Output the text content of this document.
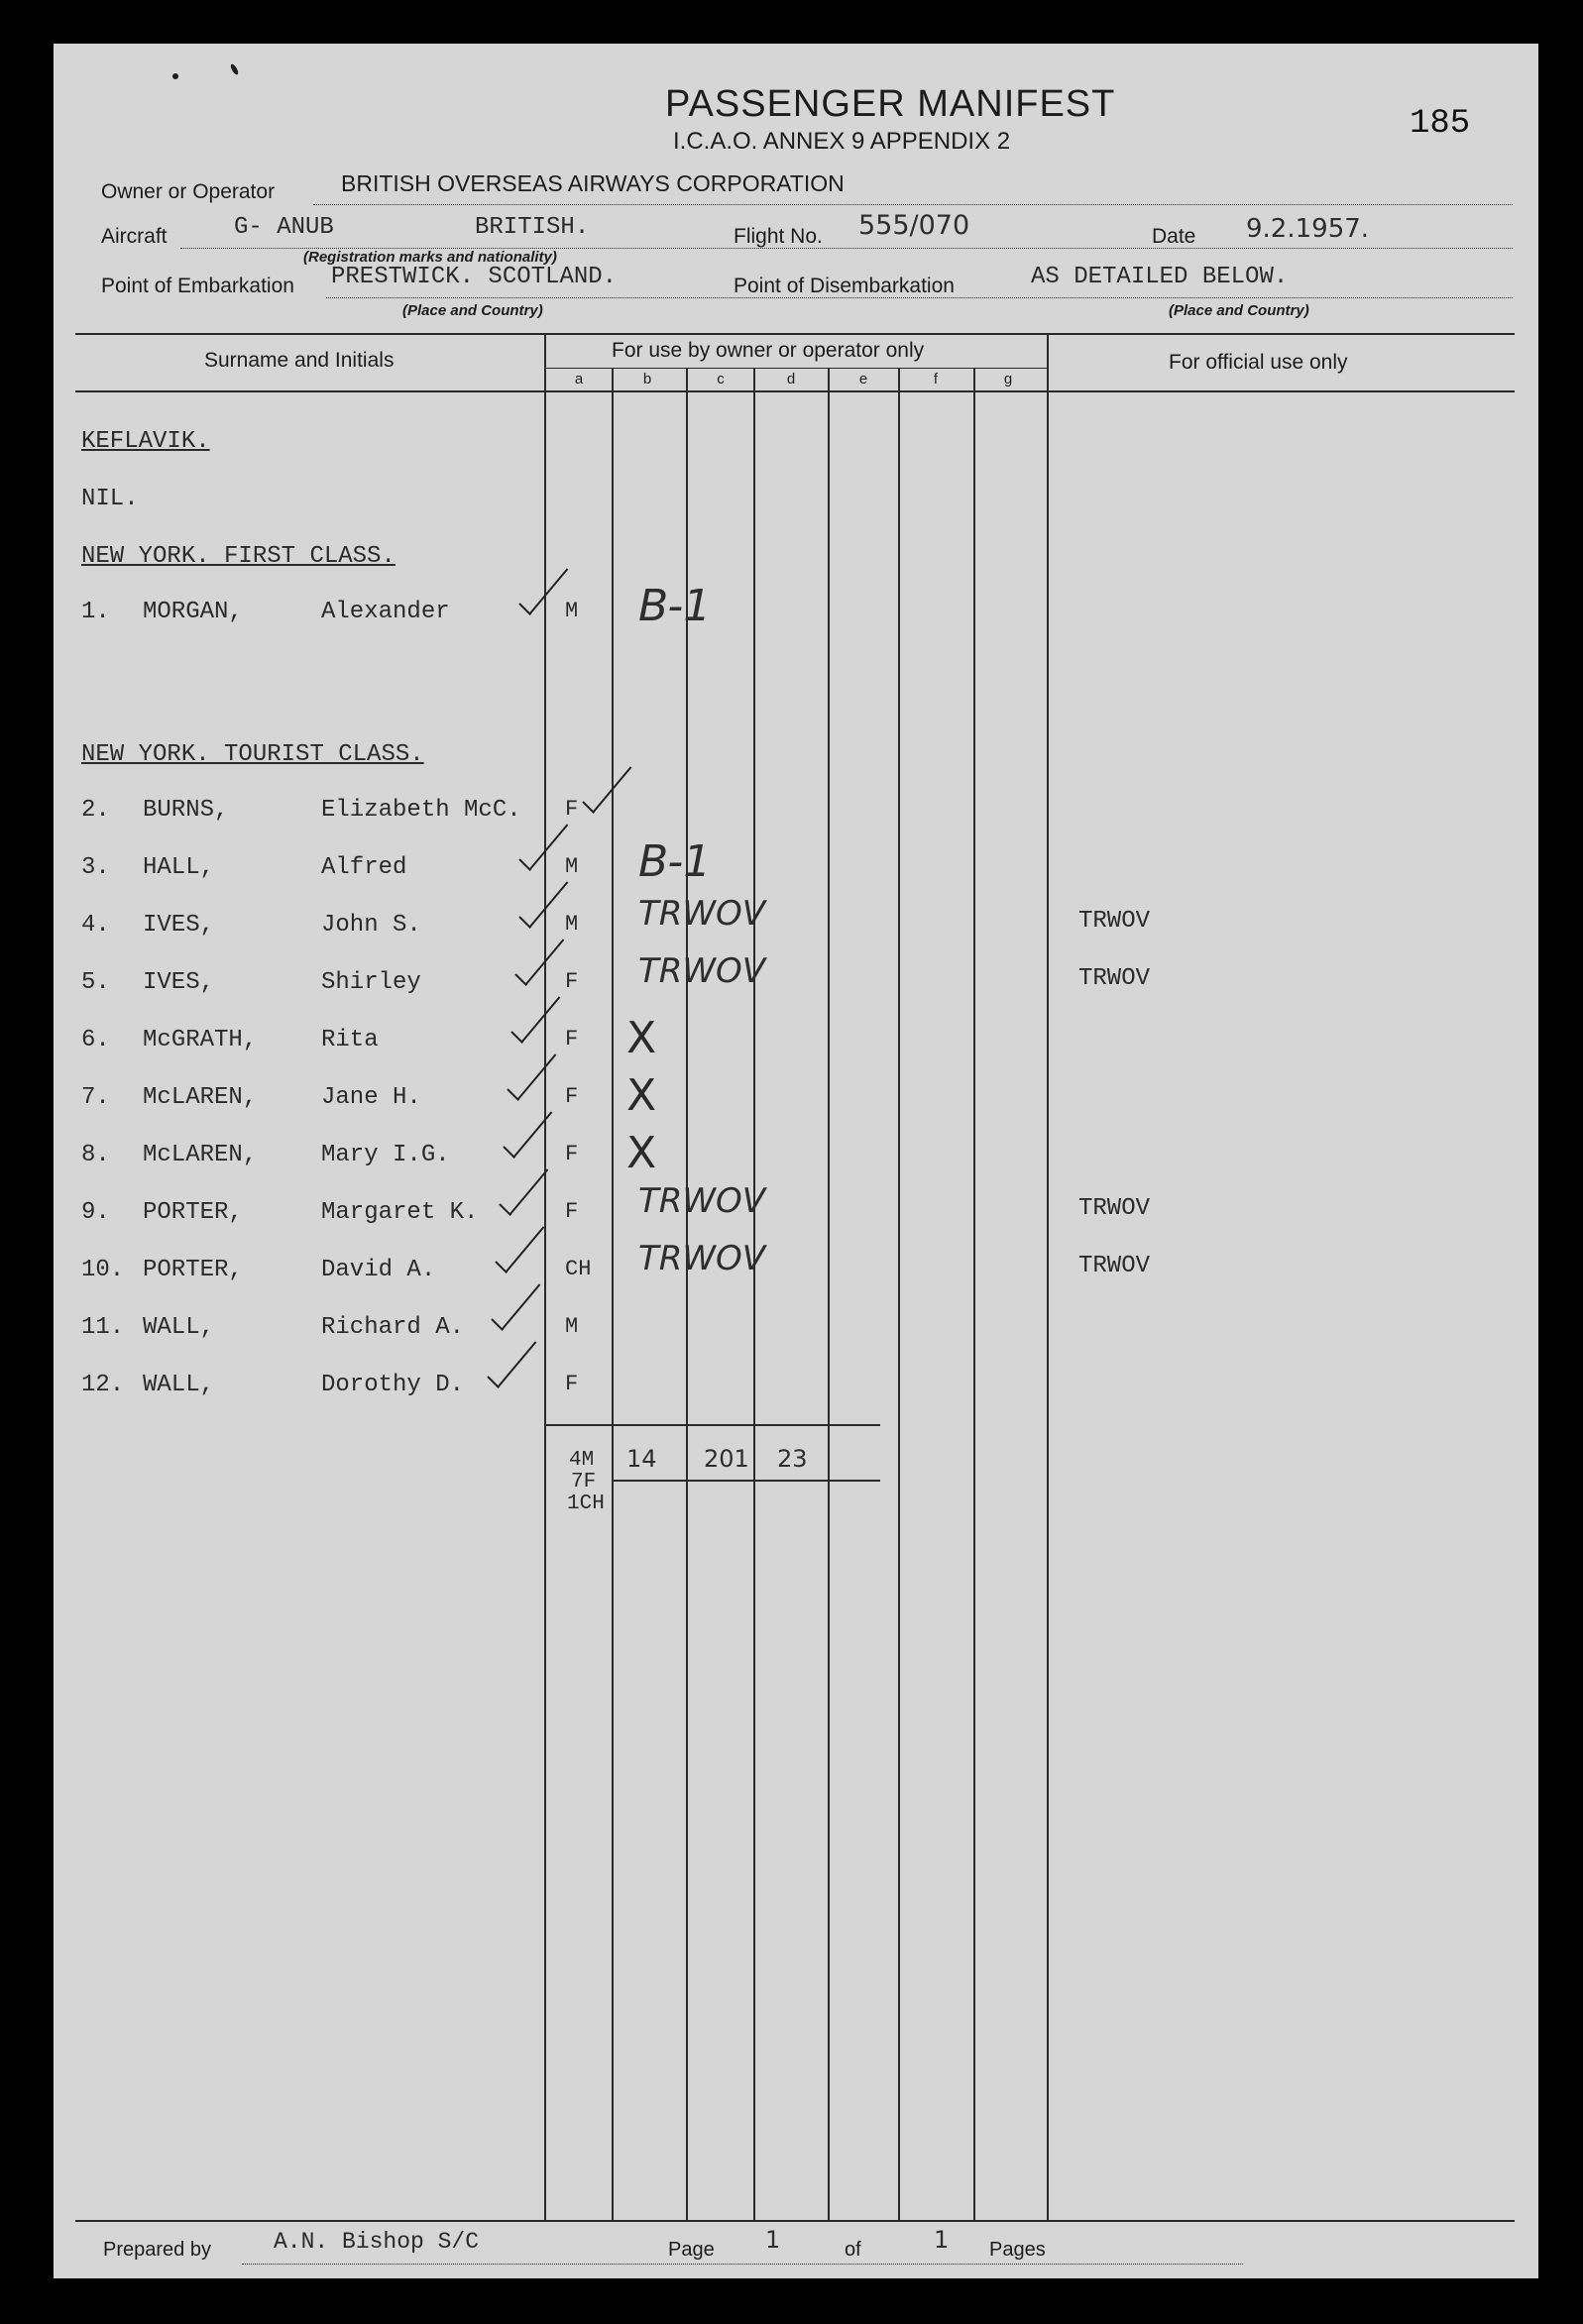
PASSENGER MANIFEST
I.C.A.O. ANNEX 9 APPENDIX 2	185
Owner or Operator	BRITISH OVERSEAS AIRWAYS CORPORATION
Aircraft	G- ANUB	BRITISH.
(Registration marks and nationality)
Flight No. 555/070	Date 9.2.1957.
Point of Embarkation PRESTWICK. SCOTLAND.
(Place and Country)
Point of Disembarkation	AS DETAILED BELOW.
(Place and Country)
Surname and Initials	For use by owner or operator only
For official use only
a	b	c	d	e	f	g
KEFLAVIK.
NIL.
NEW YORK. FIRST CLASS.
NEW YORK. TOURIST CLASS.
1. MORGAN,	Alexander	M B-1
2. BURNS,	Elizabeth McC. F
3. HALL,	Alfred	M B-1
4. IVES,	John S.	M TRWOV	TRWOV
5. IVES,	Shirley	F TRWOV	TRWOV
6. McGRATH,	Rita	F X
7. McLAREN,	Jane H.	F X
8. McLAREN,	Mary I.G.	F X
9. PORTER,	Margaret K.	F TRWOV	TRWOV
10. PORTER,	David A.	CH TRWOV	TRWOV
11. WALL,	Richard A.	M
12. WALL,	Dorothy D.	F
4M
7F
1CH
14 201 23
Prepared by	A.N. Bishop S/C	Page 1	of	1 Pages
